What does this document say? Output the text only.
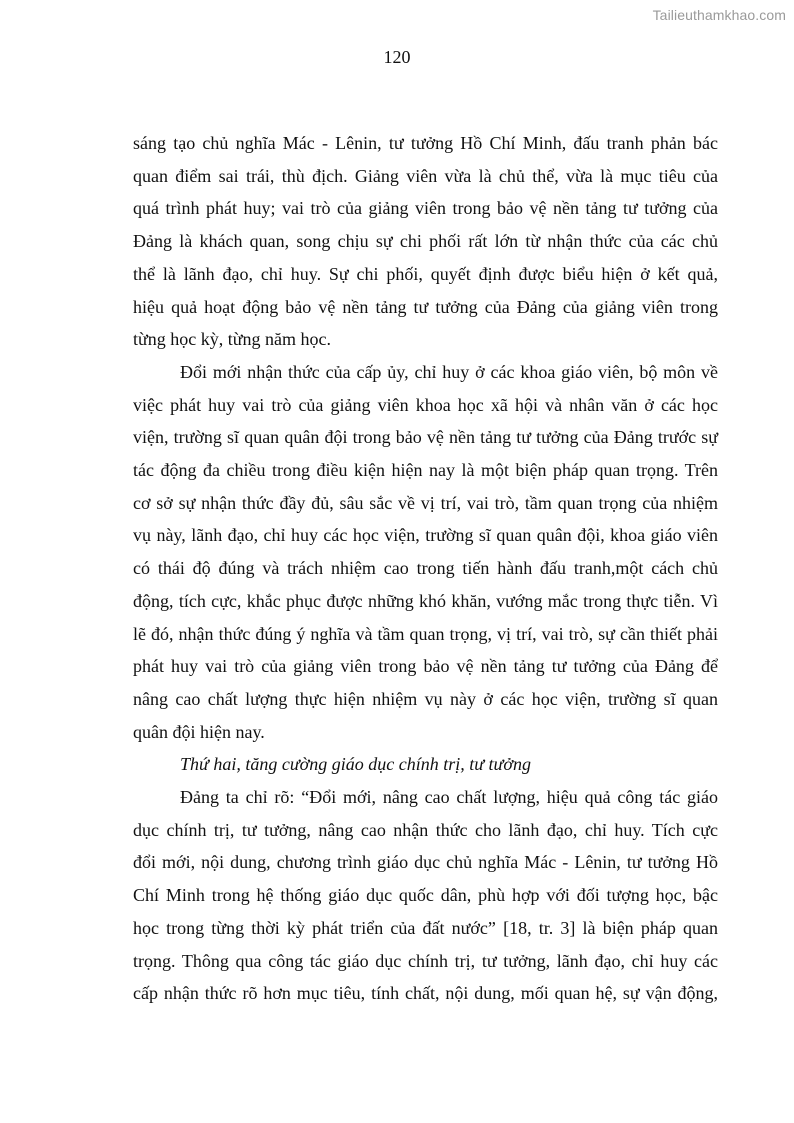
Tailieuthamkhao.com
120

sáng tạo chủ nghĩa Mác - Lênin, tư tưởng Hồ Chí Minh, đấu tranh phản bác

quan điểm sai trái, thù địch. Giảng viên vừa là chủ thể, vừa là mục tiêu của

quá trình phát huy; vai trò của giảng viên trong bảo vệ nền tảng tư tưởng của

Đảng là khách quan, song chịu sự chi phối rất lớn từ nhận thức của các chủ

thể là lãnh đạo, chỉ huy. Sự chi phối, quyết định được biểu hiện ở kết quả,

hiệu quả hoạt động bảo vệ nền tảng tư tưởng của Đảng của giảng viên trong

từng học kỳ, từng năm học.

Đổi mới nhận thức của cấp ủy, chỉ huy ở các khoa giáo viên, bộ môn về

việc phát huy vai trò của giảng viên khoa học xã hội và nhân văn ở các học

viện, trường sĩ quan quân đội trong bảo vệ nền tảng tư tưởng của Đảng trước sự

tác động đa chiều trong điều kiện hiện nay là một biện pháp quan trọng. Trên

cơ sở sự nhận thức đầy đủ, sâu sắc về vị trí, vai trò, tầm quan trọng của nhiệm

vụ này, lãnh đạo, chỉ huy các học viện, trường sĩ quan quân đội, khoa giáo viên

có thái độ đúng và trách nhiệm cao trong tiến hành đấu tranh,một cách chủ

động, tích cực, khắc phục được những khó khăn, vướng mắc trong thực tiễn. Vì

lẽ đó, nhận thức đúng ý nghĩa và tầm quan trọng, vị trí, vai trò, sự cần thiết phải

phát huy vai trò của giảng viên trong bảo vệ nền tảng tư tưởng của Đảng để

nâng cao chất lượng thực hiện nhiệm vụ này ở các học viện, trường sĩ quan

quân đội hiện nay.

Thứ hai, tăng cường giáo dục chính trị, tư tưởng

Đảng ta chỉ rõ: “Đổi mới, nâng cao chất lượng, hiệu quả công tác giáo

dục chính trị, tư tưởng, nâng cao nhận thức cho lãnh đạo, chỉ huy. Tích cực

đổi mới, nội dung, chương trình giáo dục chủ nghĩa Mác - Lênin, tư tưởng Hồ

Chí Minh trong hệ thống giáo dục quốc dân, phù hợp với đối tượng học, bậc

học trong từng thời kỳ phát triển của đất nước” [18, tr. 3] là biện pháp quan

trọng. Thông qua công tác giáo dục chính trị, tư tưởng, lãnh đạo, chỉ huy các

cấp nhận thức rõ hơn mục tiêu, tính chất, nội dung, mối quan hệ, sự vận động,
